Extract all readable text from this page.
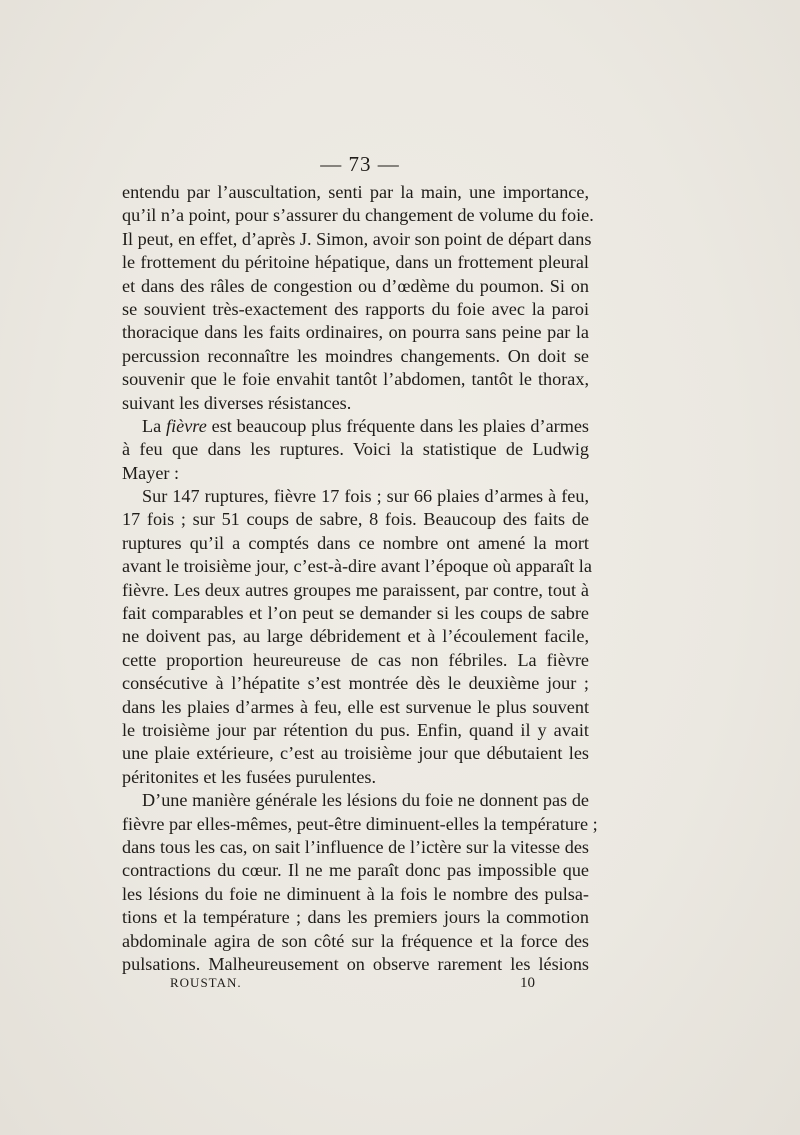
— 73 —
entendu par l’auscultation, senti par la main, une importance,
qu’il n’a point, pour s’assurer du changement de volume du foie.
Il peut, en effet, d’après J. Simon, avoir son point de départ dans
le frottement du péritoine hépatique, dans un frottement pleural
et dans des râles de congestion ou d’œdème du poumon. Si on
se souvient très-exactement des rapports du foie avec la paroi
thoracique dans les faits ordinaires, on pourra sans peine par la
percussion reconnaître les moindres changements. On doit se
souvenir que le foie envahit tantôt l’abdomen, tantôt le thorax,
suivant les diverses résistances.
La fièvre est beaucoup plus fréquente dans les plaies d’armes
à feu que dans les ruptures. Voici la statistique de Ludwig
Mayer :
Sur 147 ruptures, fièvre 17 fois ; sur 66 plaies d’armes à feu,
17 fois ; sur 51 coups de sabre, 8 fois. Beaucoup des faits de
ruptures qu’il a comptés dans ce nombre ont amené la mort
avant le troisième jour, c’est-à-dire avant l’époque où apparaît la
fièvre. Les deux autres groupes me paraissent, par contre, tout à
fait comparables et l’on peut se demander si les coups de sabre
ne doivent pas, au large débridement et à l’écoulement facile,
cette proportion heureureuse de cas non fébriles. La fièvre
consécutive à l’hépatite s’est montrée dès le deuxième jour ;
dans les plaies d’armes à feu, elle est survenue le plus souvent
le troisième jour par rétention du pus. Enfin, quand il y avait
une plaie extérieure, c’est au troisième jour que débutaient les
péritonites et les fusées purulentes.
D’une manière générale les lésions du foie ne donnent pas de
fièvre par elles-mêmes, peut-être diminuent-elles la température ;
dans tous les cas, on sait l’influence de l’ictère sur la vitesse des
contractions du cœur. Il ne me paraît donc pas impossible que
les lésions du foie ne diminuent à la fois le nombre des pulsa-
tions et la température ; dans les premiers jours la commotion
abdominale agira de son côté sur la fréquence et la force des
pulsations. Malheureusement on observe rarement les lésions
ROUSTAN.	10
